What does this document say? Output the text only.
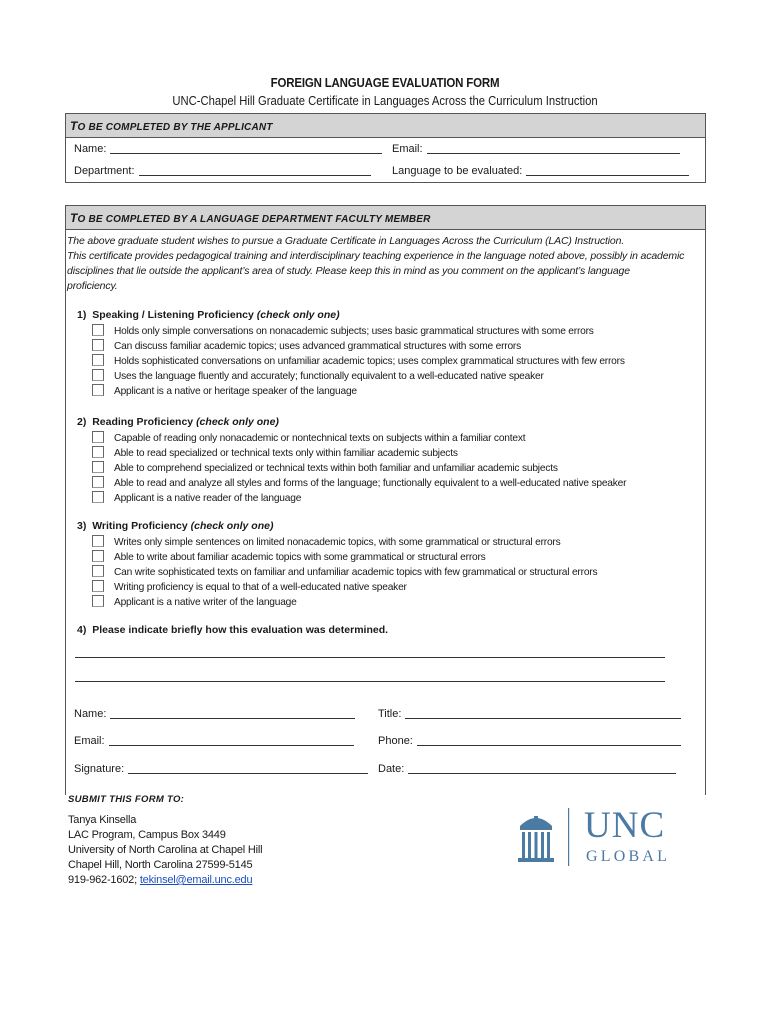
FOREIGN LANGUAGE EVALUATION FORM
UNC-Chapel Hill Graduate Certificate in Languages Across the Curriculum Instruction
TO BE COMPLETED BY THE APPLICANT
Name:	Email:
Department:	Language to be evaluated:
TO BE COMPLETED BY A LANGUAGE DEPARTMENT FACULTY MEMBER
The above graduate student wishes to pursue a Graduate Certificate in Languages Across the Curriculum (LAC) Instruction.
This certificate provides pedagogical training and interdisciplinary teaching experience in the language noted above, possibly in academic
disciplines that lie outside the applicant’s area of study. Please keep this in mind as you comment on the applicant’s language
proficiency.
1) Speaking / Listening Proficiency (check only one)
Holds only simple conversations on nonacademic subjects; uses basic grammatical structures with some errors
Can discuss familiar academic topics; uses advanced grammatical structures with some errors
Holds sophisticated conversations on unfamiliar academic topics; uses complex grammatical structures with few errors
Uses the language fluently and accurately; functionally equivalent to a well-educated native speaker
Applicant is a native or heritage speaker of the language
2) Reading Proficiency (check only one)
Capable of reading only nonacademic or nontechnical texts on subjects within a familiar context
Able to read specialized or technical texts only within familiar academic subjects
Able to comprehend specialized or technical texts within both familiar and unfamiliar academic subjects
Able to read and analyze all styles and forms of the language; functionally equivalent to a well-educated native speaker
Applicant is a native reader of the language
3) Writing Proficiency (check only one)
Writes only simple sentences on limited nonacademic topics, with some grammatical or structural errors
Able to write about familiar academic topics with some grammatical or structural errors
Can write sophisticated texts on familiar and unfamiliar academic topics with few grammatical or structural errors
Writing proficiency is equal to that of a well-educated native speaker
Applicant is a native writer of the language
4) Please indicate briefly how this evaluation was determined.
Name:	Title:
Email:	Phone:
Signature:	Date:
SUBMIT THIS FORM TO:
Tanya Kinsella
LAC Program, Campus Box 3449
University of North Carolina at Chapel Hill
Chapel Hill, North Carolina 27599-5145
919-962-1602; tekinsel@email.unc.edu
UNC
GLOBAL
